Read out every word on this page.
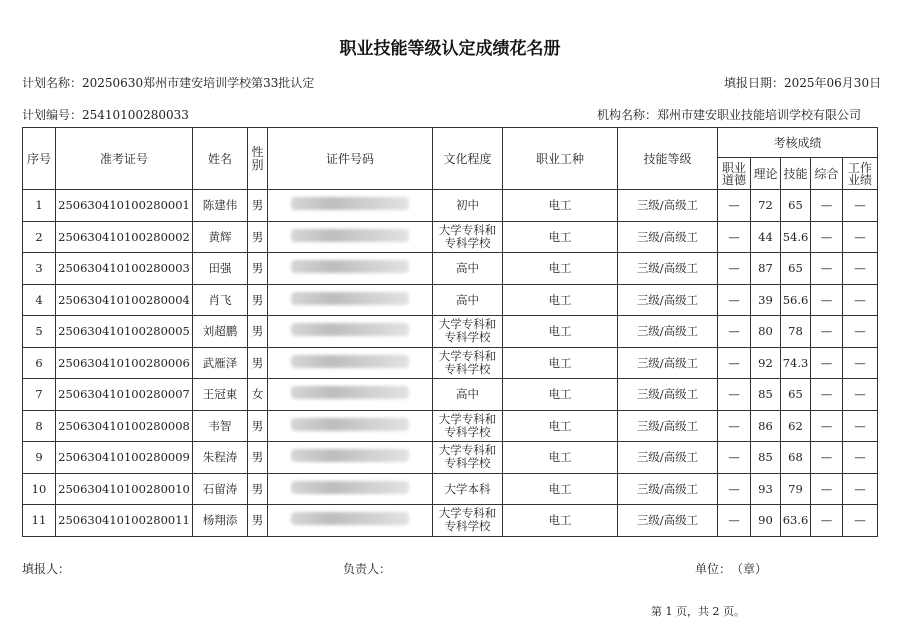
职业技能等级认定成绩花名册
计划名称：20250630郑州市建安培训学校第33批认定	填报日期：2025年06月30日
计划编号：25410100280033	机构名称：郑州市建安职业技能培训学校有限公司
序号	准考证号	姓名	性别	证件号码	文化程度	职业工种	技能等级	考核成绩				
								职业道德	理论	技能	综合	工作业绩
1	250630410100280001	陈建伟	男		初中	电工	三级/高级工	—	72	65	—	—
2	250630410100280002	黄辉	男		大学专科和
专科学校	电工	三级/高级工	—	44	54.6	—	—
3	250630410100280003	田强	男		高中	电工	三级/高级工	—	87	65	—	—
4	250630410100280004	肖飞	男		高中	电工	三级/高级工	—	39	56.6	—	—
5	250630410100280005	刘超鹏	男		大学专科和
专科学校	电工	三级/高级工	—	80	78	—	—
6	250630410100280006	武雁泽	男		大学专科和
专科学校	电工	三级/高级工	—	92	74.3	—	—
7	250630410100280007	王冠東	女		高中	电工	三级/高级工	—	85	65	—	—
8	250630410100280008	韦智	男		大学专科和
专科学校	电工	三级/高级工	—	86	62	—	—
9	250630410100280009	朱程涛	男		大学专科和
专科学校	电工	三级/高级工	—	85	68	—	—
10	250630410100280010	石留涛	男		大学本科	电工	三级/高级工	—	93	79	—	—
11	250630410100280011	杨翔添	男		大学专科和
专科学校	电工	三级/高级工	—	90	63.6	—	—
填报人：	负责人：	单位：　（章）
第 1 页，共 2 页。
